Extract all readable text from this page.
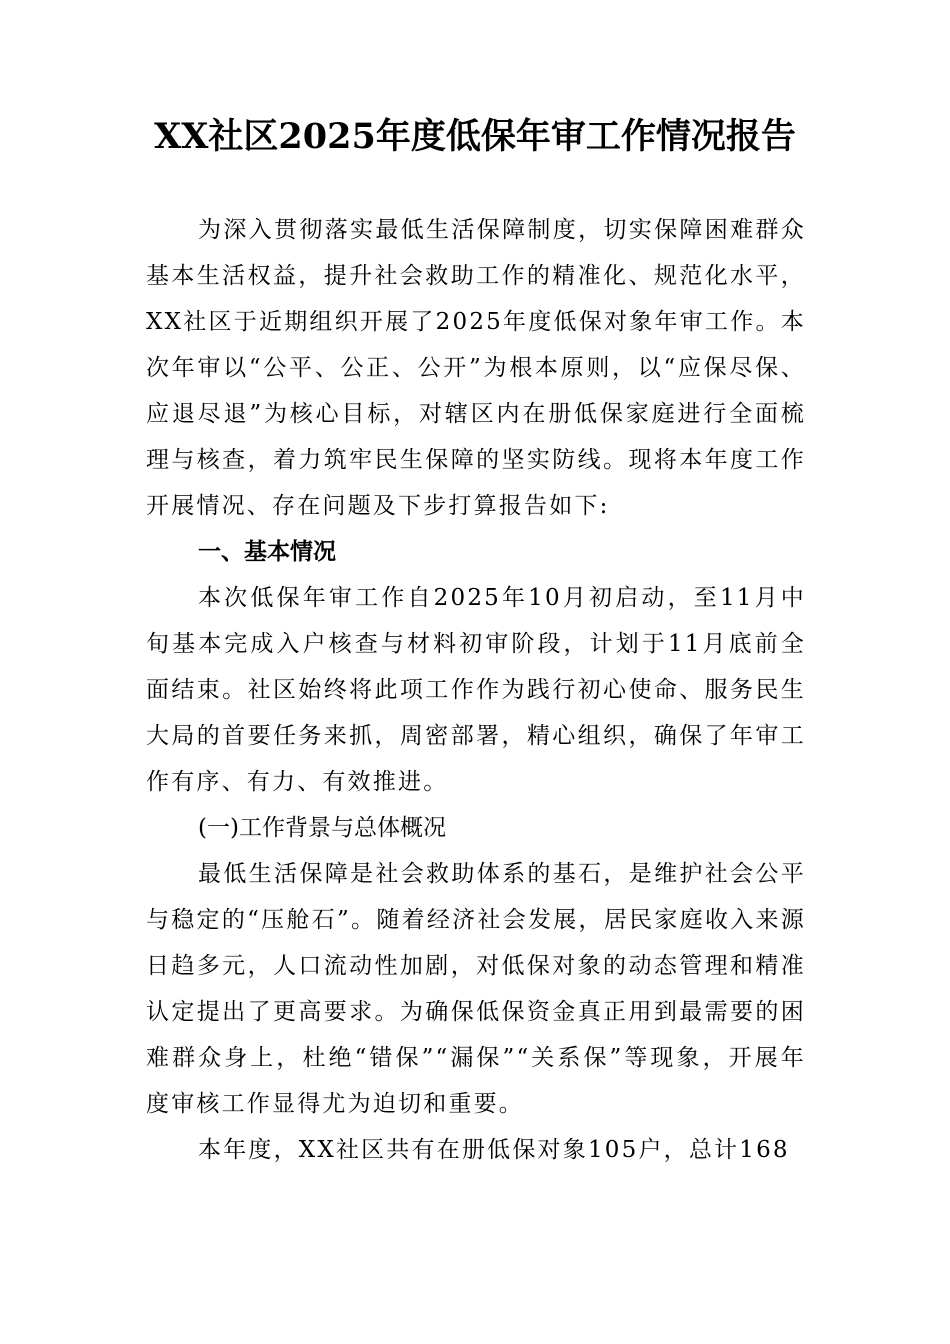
XX社区2025年度低保年审工作情况报告

为深入贯彻落实最低生活保障制度，切实保障困难群众基本生活权益，提升社会救助工作的精准化、规范化水平，XX社区于近期组织开展了2025年度低保对象年审工作。本次年审以“公平、公正、公开”为根本原则，以“应保尽保、应退尽退”为核心目标，对辖区内在册低保家庭进行全面梳理与核查，着力筑牢民生保障的坚实防线。现将本年度工作开展情况、存在问题及下步打算报告如下:

一、基本情况

本次低保年审工作自2025年10月初启动，至11月中旬基本完成入户核查与材料初审阶段，计划于11月底前全面结束。社区始终将此项工作作为践行初心使命、服务民生大局的首要任务来抓，周密部署，精心组织，确保了年审工作有序、有力、有效推进。

(一)工作背景与总体概况

最低生活保障是社会救助体系的基石，是维护社会公平与稳定的“压舱石”。随着经济社会发展，居民家庭收入来源日趋多元，人口流动性加剧，对低保对象的动态管理和精准认定提出了更高要求。为确保低保资金真正用到最需要的困难群众身上，杜绝“错保”“漏保”“关系保”等现象，开展年度审核工作显得尤为迫切和重要。

本年度，XX社区共有在册低保对象105户，总计168
